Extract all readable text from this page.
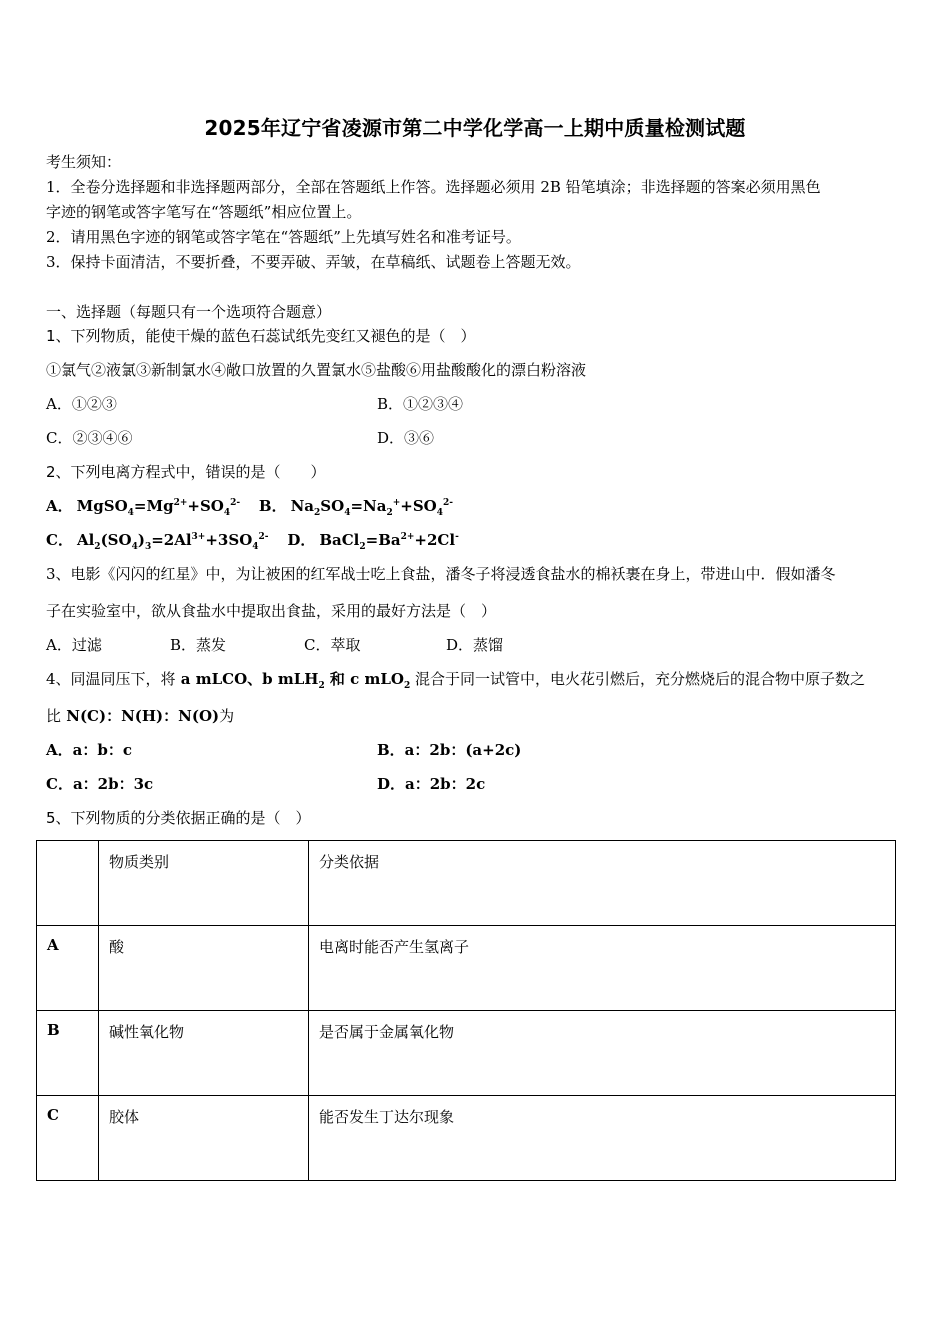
2025年辽宁省凌源市第二中学化学高一上期中质量检测试题
考生须知：
1．全卷分选择题和非选择题两部分，全部在答题纸上作答。选择题必须用 2B 铅笔填涂；非选择题的答案必须用黑色
字迹的钢笔或答字笔写在“答题纸”相应位置上。
2．请用黑色字迹的钢笔或答字笔在“答题纸”上先填写姓名和准考证号。
3．保持卡面清洁，不要折叠，不要弄破、弄皱，在草稿纸、试题卷上答题无效。
一、选择题（每题只有一个选项符合题意）
1、下列物质，能使干燥的蓝色石蕊试纸先变红又褪色的是（　）
①氯气②液氯③新制氯水④敞口放置的久置氯水⑤盐酸⑥用盐酸酸化的漂白粉溶液
A．①②③	B．①②③④
C．②③④⑥	D．③⑥
2、下列电离方程式中，错误的是（　　）
A． $MgSO_4=Mg^{2+}+SO_4^{2-}$ B． $Na_2SO_4=Na_2^++SO_4^{2-}$
C． $Al_2(SO_4)_3=2Al^{3+}+3SO_4^{2-}$ D． $BaCl_2=Ba^{2+}+2Cl^-$
3、电影《闪闪的红星》中，为让被困的红军战士吃上食盐，潘冬子将浸透食盐水的棉袄裹在身上，带进山中．假如潘冬
子在实验室中，欲从食盐水中提取出食盐，采用的最好方法是（　）
A．过滤	B．蒸发	C．萃取	D．蒸馏
4、同温同压下，将 a mLCO、b mLH$_2$ 和 c mLO$_2$ 混合于同一试管中，电火花引燃后，充分燃烧后的混合物中原子数之
比 N(C)：N(H)：N(O)为
A．a：b：c	B．a：2b：(a+2c)
C．a：2b：3c	D．a：2b：2c
5、下列物质的分类依据正确的是（　）
	物质类别	分类依据
A	酸	电离时能否产生氢离子
B	碱性氧化物	是否属于金属氧化物
C	胶体	能否发生丁达尔现象
